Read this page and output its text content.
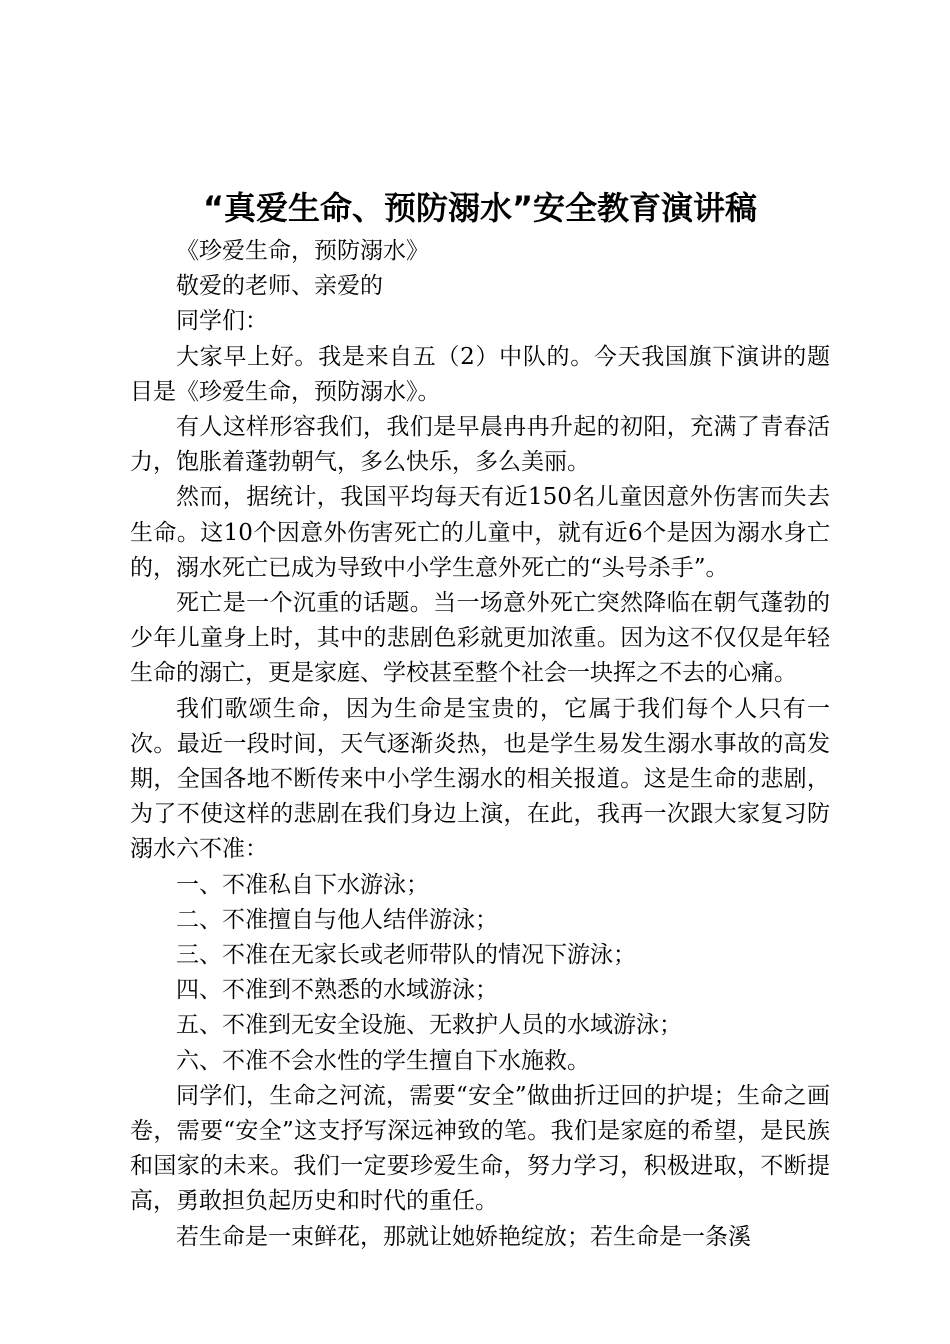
“真爱生命、预防溺水”安全教育演讲稿

《珍爱生命，预防溺水》

敬爱的老师、亲爱的

同学们：

大家早上好。我是来自五（2）中队的。今天我国旗下演讲的题目是《珍爱生命，预防溺水》。

有人这样形容我们，我们是早晨冉冉升起的初阳，充满了青春活力，饱胀着蓬勃朝气，多么快乐，多么美丽。

然而，据统计，我国平均每天有近150名儿童因意外伤害而失去生命。这10个因意外伤害死亡的儿童中，就有近6个是因为溺水身亡的，溺水死亡已成为导致中小学生意外死亡的“头号杀手”。

死亡是一个沉重的话题。当一场意外死亡突然降临在朝气蓬勃的少年儿童身上时，其中的悲剧色彩就更加浓重。因为这不仅仅是年轻生命的溺亡，更是家庭、学校甚至整个社会一块挥之不去的心痛。

我们歌颂生命，因为生命是宝贵的，它属于我们每个人只有一次。最近一段时间，天气逐渐炎热，也是学生易发生溺水事故的高发期，全国各地不断传来中小学生溺水的相关报道。这是生命的悲剧，为了不使这样的悲剧在我们身边上演，在此，我再一次跟大家复习防溺水六不准：

一、不准私自下水游泳；

二、不准擅自与他人结伴游泳；

三、不准在无家长或老师带队的情况下游泳；

四、不准到不熟悉的水域游泳；

五、不准到无安全设施、无救护人员的水域游泳；

六、不准不会水性的学生擅自下水施救。

同学们，生命之河流，需要“安全”做曲折迂回的护堤；生命之画卷，需要“安全”这支抒写深远神致的笔。我们是家庭的希望，是民族和国家的未来。我们一定要珍爱生命，努力学习，积极进取，不断提高，勇敢担负起历史和时代的重任。

若生命是一束鲜花，那就让她娇艳绽放；若生命是一条溪
